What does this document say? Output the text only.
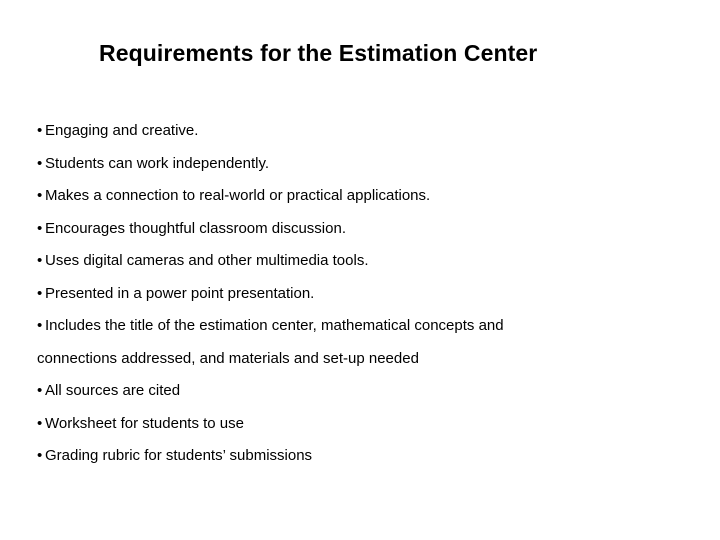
Requirements for the Estimation Center
• Engaging and creative.
• Students can work independently.
• Makes a connection to real-world or practical applications.
• Encourages thoughtful classroom discussion.
• Uses digital cameras and other multimedia tools.
• Presented in a power point presentation.
• Includes the title of the estimation center, mathematical concepts and
connections addressed, and materials and set-up needed
• All sources are cited
• Worksheet for students to use
• Grading rubric for students’ submissions
